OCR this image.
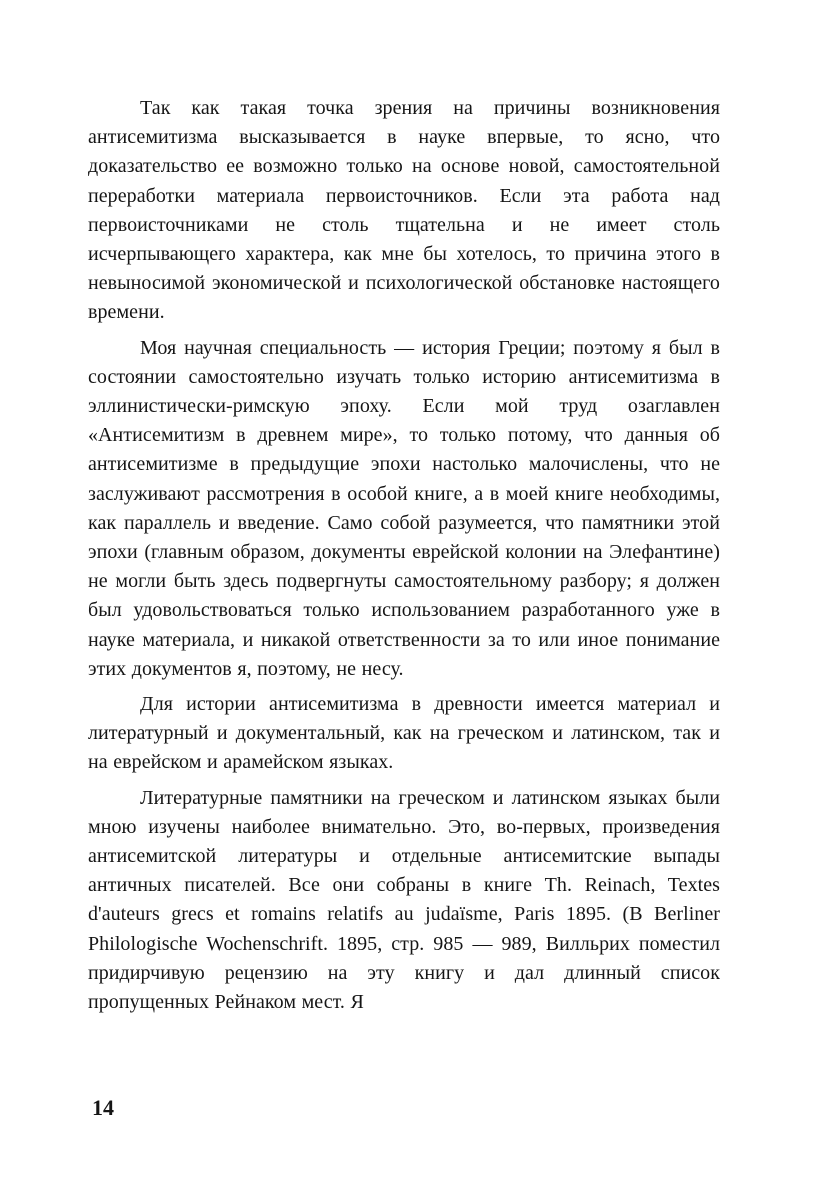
Так как такая точка зрения на причины возникновения антисемитизма высказывается в науке впервые, то ясно, что доказательство ее возможно только на основе новой, самостоятельной переработки материала первоисточников. Если эта работа над первоисточниками не столь тщательна и не имеет столь исчерпывающего характера, как мне бы хотелось, то причина этого в невыносимой экономической и психологической обстановке настоящего времени.

Моя научная специальность — история Греции; поэтому я был в состоянии самостоятельно изучать только историю антисемитизма в эллинистически-римскую эпоху. Если мой труд озаглавлен «Антисемитизм в древнем мире», то только потому, что данныя об антисемитизме в предыдущие эпохи настолько малочислены, что не заслуживают рассмотрения в особой книге, а в моей книге необходимы, как параллель и введение. Само собой разумеется, что памятники этой эпохи (главным образом, документы еврейской колонии на Элефантине) не могли быть здесь подвергнуты самостоятельному разбору; я должен был удовольствоваться только использованием разработанного уже в науке материала, и никакой ответственности за то или иное понимание этих документов я, поэтому, не несу.

Для истории антисемитизма в древности имеется материал и литературный и документальный, как на греческом и латинском, так и на еврейском и арамейском языках.

Литературные памятники на греческом и латинском языках были мною изучены наиболее внимательно. Это, во-первых, произведения антисемитской литературы и отдельные антисемитские выпады античных писателей. Все они собраны в книге Th. Reinach, Textes d'auteurs grecs et romains relatifs au judaïsme, Paris 1895. (В Berliner Philologische Wochenschrift. 1895, стр. 985 — 989, Вилльрих поместил придирчивую рецензию на эту книгу и дал длинный список пропущенных Рейнаком мест. Я

14
